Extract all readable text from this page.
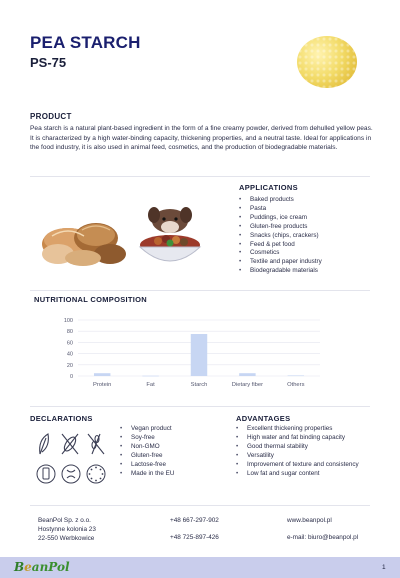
PEA STARCH
PS-75
PRODUCT
Pea starch is a natural plant-based ingredient in the form of a fine creamy powder, derived from dehulled yellow peas. It is characterized by a high water-binding capacity, thickening properties, and a neutral taste. Ideal for applications in the food industry, it is also used in animal feed, cosmetics, and the production of biodegradable materials.
APPLICATIONS
• Baked products
• Pasta
• Puddings, ice cream
• Gluten-free products
• Snacks (chips, crackers)
• Feed & pet food
• Cosmetics
• Textile and paper industry
• Biodegradable materials
NUTRITIONAL COMPOSITION
0
20
40
60
80
100
Protein	Fat	Starch	Dietary fiber	Others
DECLARATIONS
• Vegan product
• Soy-free
• Non-GMO
• Gluten-free
• Lactose-free
• Made in the EU
ADVANTAGES
• Excellent thickening properties
• High water and fat binding capacity
• Good thermal stability
• Versatility
• Improvement of texture and consistency
• Low fat and sugar content
BeanPol Sp. z o.o.
Hostynne kolonia 23
22-550 Werbkowice
+48 667-297-902
+48 725-897-426
www.beanpol.pl
e-mail: biuro@beanpol.pl
BeanPol	1
